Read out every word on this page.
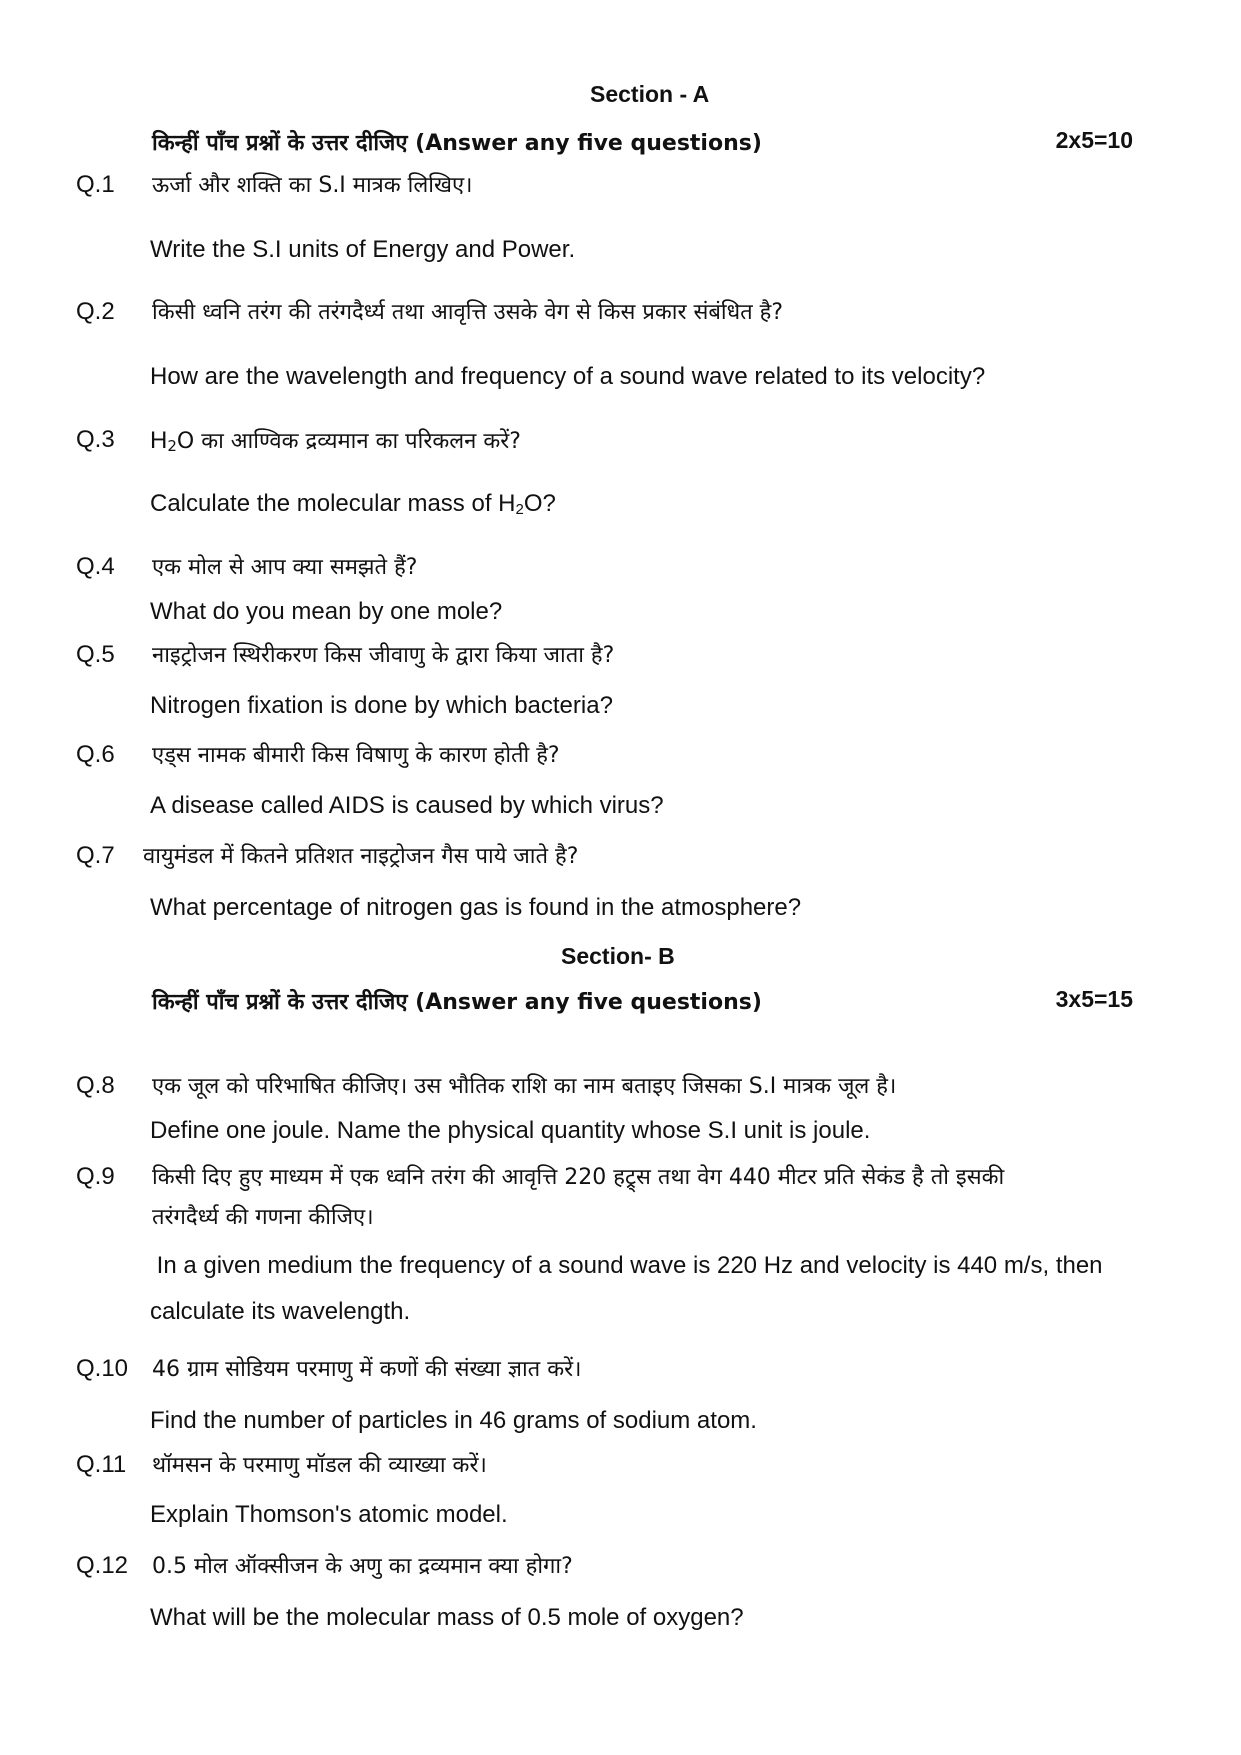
Section - A
किन्हीं पाँच प्रश्नों के उत्तर दीजिए (Answer any five questions)	2x5=10
Q.1 ऊर्जा और शक्ति का S.I मात्रक लिखिए।
Write the S.I units of Energy and Power.
Q.2 किसी ध्वनि तरंग की तरंगदैर्ध्य तथा आवृत्ति उसके वेग से किस प्रकार संबंधित है?
How are the wavelength and frequency of a sound wave related to its velocity?
Q.3 $H_2O$ का आण्विक द्रव्यमान का परिकलन करें?
Calculate the molecular mass of $H_2O$?
Q.4 एक मोल से आप क्या समझते हैं?
What do you mean by one mole?
Q.5 नाइट्रोजन स्थिरीकरण किस जीवाणु के द्वारा किया जाता है?
Nitrogen fixation is done by which bacteria?
Q.6 एड्स नामक बीमारी किस विषाणु के कारण होती है?
A disease called AIDS is caused by which virus?
Q.7 वायुमंडल में कितने प्रतिशत नाइट्रोजन गैस पाये जाते है?
What percentage of nitrogen gas is found in the atmosphere?
Section- B
किन्हीं पाँच प्रश्नों के उत्तर दीजिए (Answer any five questions)	3x5=15
Q.8 एक जूल को परिभाषित कीजिए। उस भौतिक राशि का नाम बताइए जिसका S.I मात्रक जूल है।
Define one joule. Name the physical quantity whose S.I unit is joule.
Q.9 किसी दिए हुए माध्यम में एक ध्वनि तरंग की आवृत्ति 220 हट्र्स तथा वेग 440 मीटर प्रति सेकंड है तो इसकी
तरंगदैर्ध्य की गणना कीजिए।
In a given medium the frequency of a sound wave is 220 Hz and velocity is 440 m/s, then
calculate its wavelength.
Q.10 46 ग्राम सोडियम परमाणु में कणों की संख्या ज्ञात करें।
Find the number of particles in 46 grams of sodium atom.
Q.11 थॉमसन के परमाणु मॉडल की व्याख्या करें।
Explain Thomson's atomic model.
Q.12 0.5 मोल ऑक्सीजन के अणु का द्रव्यमान क्या होगा?
What will be the molecular mass of 0.5 mole of oxygen?
